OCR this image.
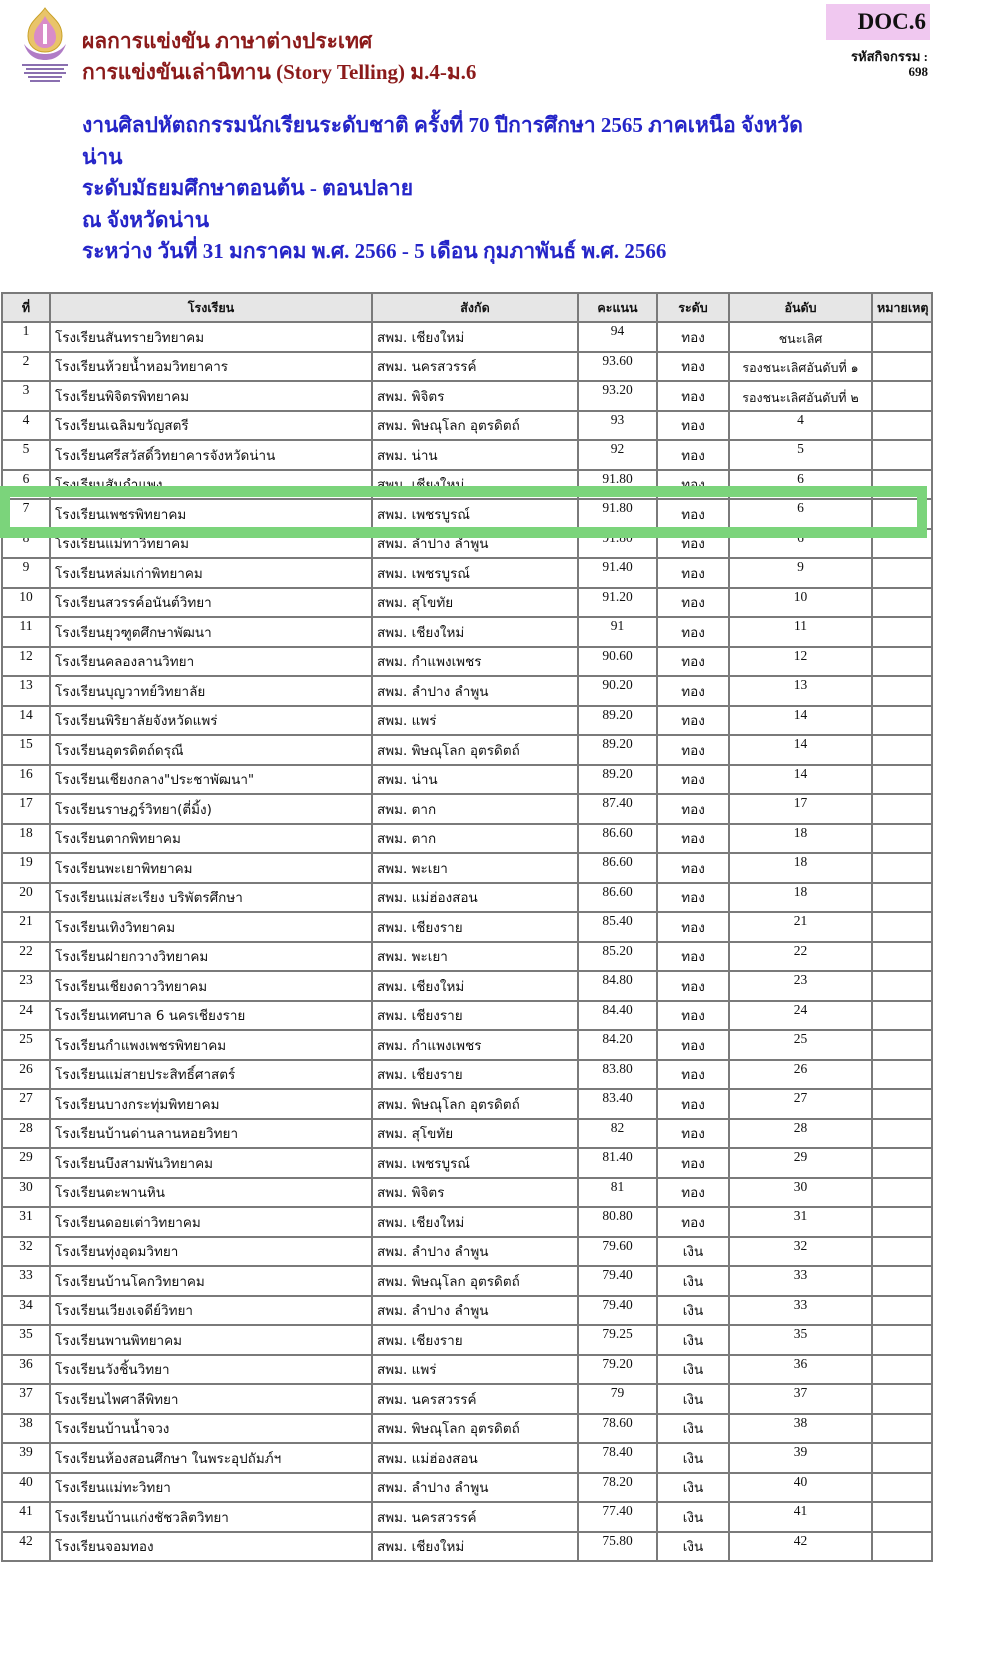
ผลการแข่งขัน ภาษาต่างประเทศ
การแข่งขันเล่านิทาน (Story Telling) ม.4-ม.6
DOC.6
รหัสกิจกรรม :
698
งานศิลปหัตถกรรมนักเรียนระดับชาติ ครั้งที่ 70 ปีการศึกษา 2565 ภาคเหนือ จังหวัด
น่าน
ระดับมัธยมศึกษาตอนต้น - ตอนปลาย
ณ จังหวัดน่าน
ระหว่าง วันที่ 31 มกราคม พ.ศ. 2566 - 5 เดือน กุมภาพันธ์ พ.ศ. 2566
ที่	โรงเรียน	สังกัด	คะแนน	ระดับ	อันดับ	หมายเหตุ
1	โรงเรียนสันทรายวิทยาคม	สพม. เชียงใหม่	94	ทอง	ชนะเลิศ	
2	โรงเรียนห้วยน้ำหอมวิทยาคาร	สพม. นครสวรรค์	93.60	ทอง	รองชนะเลิศอันดับที่ ๑	
3	โรงเรียนพิจิตรพิทยาคม	สพม. พิจิตร	93.20	ทอง	รองชนะเลิศอันดับที่ ๒	
4	โรงเรียนเฉลิมขวัญสตรี	สพม. พิษณุโลก อุตรดิตถ์	93	ทอง	4	
5	โรงเรียนศรีสวัสดิ์วิทยาคารจังหวัดน่าน	สพม. น่าน	92	ทอง	5	
6	โรงเรียนสันกำแพง	สพม. เชียงใหม่	91.80	ทอง	6	
7	โรงเรียนเพชรพิทยาคม	สพม. เพชรบูรณ์	91.80	ทอง	6	
8	โรงเรียนแม่ทาวิทยาคม	สพม. ลำปาง ลำพูน	91.80	ทอง	6	
9	โรงเรียนหล่มเก่าพิทยาคม	สพม. เพชรบูรณ์	91.40	ทอง	9	
10	โรงเรียนสวรรค์อนันต์วิทยา	สพม. สุโขทัย	91.20	ทอง	10	
11	โรงเรียนยุวฑูตศึกษาพัฒนา	สพม. เชียงใหม่	91	ทอง	11	
12	โรงเรียนคลองลานวิทยา	สพม. กำแพงเพชร	90.60	ทอง	12	
13	โรงเรียนบุญวาทย์วิทยาลัย	สพม. ลำปาง ลำพูน	90.20	ทอง	13	
14	โรงเรียนพิริยาลัยจังหวัดแพร่	สพม. แพร่	89.20	ทอง	14	
15	โรงเรียนอุตรดิตถ์ดรุณี	สพม. พิษณุโลก อุตรดิตถ์	89.20	ทอง	14	
16	โรงเรียนเชียงกลาง"ประชาพัฒนา"	สพม. น่าน	89.20	ทอง	14	
17	โรงเรียนราษฎร์วิทยา(ตี่มิ้ง)	สพม. ตาก	87.40	ทอง	17	
18	โรงเรียนตากพิทยาคม	สพม. ตาก	86.60	ทอง	18	
19	โรงเรียนพะเยาพิทยาคม	สพม. พะเยา	86.60	ทอง	18	
20	โรงเรียนแม่สะเรียง บริพัตรศึกษา	สพม. แม่ฮ่องสอน	86.60	ทอง	18	
21	โรงเรียนเทิงวิทยาคม	สพม. เชียงราย	85.40	ทอง	21	
22	โรงเรียนฝายกวางวิทยาคม	สพม. พะเยา	85.20	ทอง	22	
23	โรงเรียนเชียงดาววิทยาคม	สพม. เชียงใหม่	84.80	ทอง	23	
24	โรงเรียนเทศบาล 6 นครเชียงราย	สพม. เชียงราย	84.40	ทอง	24	
25	โรงเรียนกำแพงเพชรพิทยาคม	สพม. กำแพงเพชร	84.20	ทอง	25	
26	โรงเรียนแม่สายประสิทธิ์ศาสตร์	สพม. เชียงราย	83.80	ทอง	26	
27	โรงเรียนบางกระทุ่มพิทยาคม	สพม. พิษณุโลก อุตรดิตถ์	83.40	ทอง	27	
28	โรงเรียนบ้านด่านลานหอยวิทยา	สพม. สุโขทัย	82	ทอง	28	
29	โรงเรียนบึงสามพันวิทยาคม	สพม. เพชรบูรณ์	81.40	ทอง	29	
30	โรงเรียนตะพานหิน	สพม. พิจิตร	81	ทอง	30	
31	โรงเรียนดอยเต่าวิทยาคม	สพม. เชียงใหม่	80.80	ทอง	31	
32	โรงเรียนทุ่งอุดมวิทยา	สพม. ลำปาง ลำพูน	79.60	เงิน	32	
33	โรงเรียนบ้านโคกวิทยาคม	สพม. พิษณุโลก อุตรดิตถ์	79.40	เงิน	33	
34	โรงเรียนเวียงเจดีย์วิทยา	สพม. ลำปาง ลำพูน	79.40	เงิน	33	
35	โรงเรียนพานพิทยาคม	สพม. เชียงราย	79.25	เงิน	35	
36	โรงเรียนวังชิ้นวิทยา	สพม. แพร่	79.20	เงิน	36	
37	โรงเรียนไพศาลีพิทยา	สพม. นครสวรรค์	79	เงิน	37	
38	โรงเรียนบ้านน้ำจวง	สพม. พิษณุโลก อุตรดิตถ์	78.60	เงิน	38	
39	โรงเรียนห้องสอนศึกษา ในพระอุปถัมภ์ฯ	สพม. แม่ฮ่องสอน	78.40	เงิน	39	
40	โรงเรียนแม่ทะวิทยา	สพม. ลำปาง ลำพูน	78.20	เงิน	40	
41	โรงเรียนบ้านแก่งชัชวลิตวิทยา	สพม. นครสวรรค์	77.40	เงิน	41	
42	โรงเรียนจอมทอง	สพม. เชียงใหม่	75.80	เงิน	42	
